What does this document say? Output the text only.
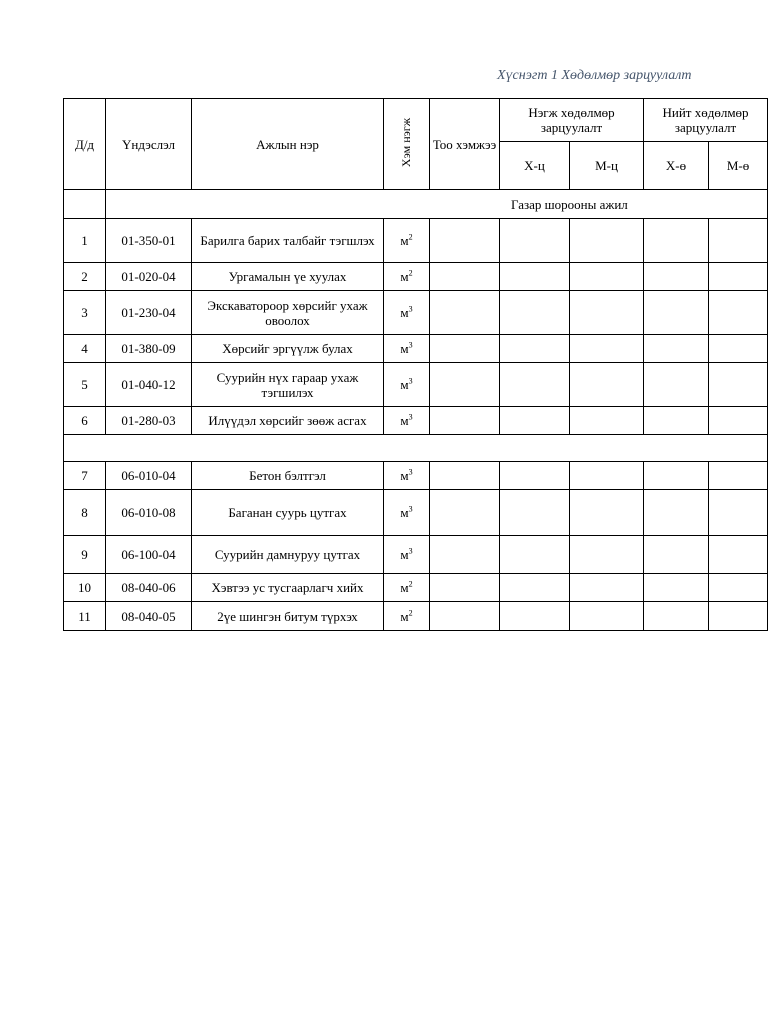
Хүснэгт 1 Хөдөлмөр зарцуулалт
Д/д	Үндэслэл	Ажлын нэр	Хэм нэгж	Тоо хэмжээ	Нэгж хөдөлмөр зарцуулалт		Нийт хөдөлмөр зарцуулалт	
					Х-ц	М-ц	Х-ө	М-ө
	Газар шорооны ажил							
1	01-350-01	Барилга барих талбайг тэгшлэх	$м^2$					
2	01-020-04	Ургамалын үе хуулах	$м^2$					
3	01-230-04	Экскаватороор хөрсийг ухаж овоолох	$м^3$					
4	01-380-09	Хөрсийг эргүүлж булах	$м^3$					
5	01-040-12	Суурийн нүх гараар ухаж тэгшилэх	$м^3$					
6	01-280-03	Илүүдэл хөрсийг зөөж асгах	$м^3$					

7	06-010-04	Бетон бэлтгэл	$м^3$					
8	06-010-08	Баганан суурь цутгах	$м^3$					
9	06-100-04	Суурийн дамнуруу цутгах	$м^3$					
10	08-040-06	Хэвтээ ус тусгаарлагч хийх	$м^2$					
11	08-040-05	2үе шингэн битум түрхэх	$м^2$					
